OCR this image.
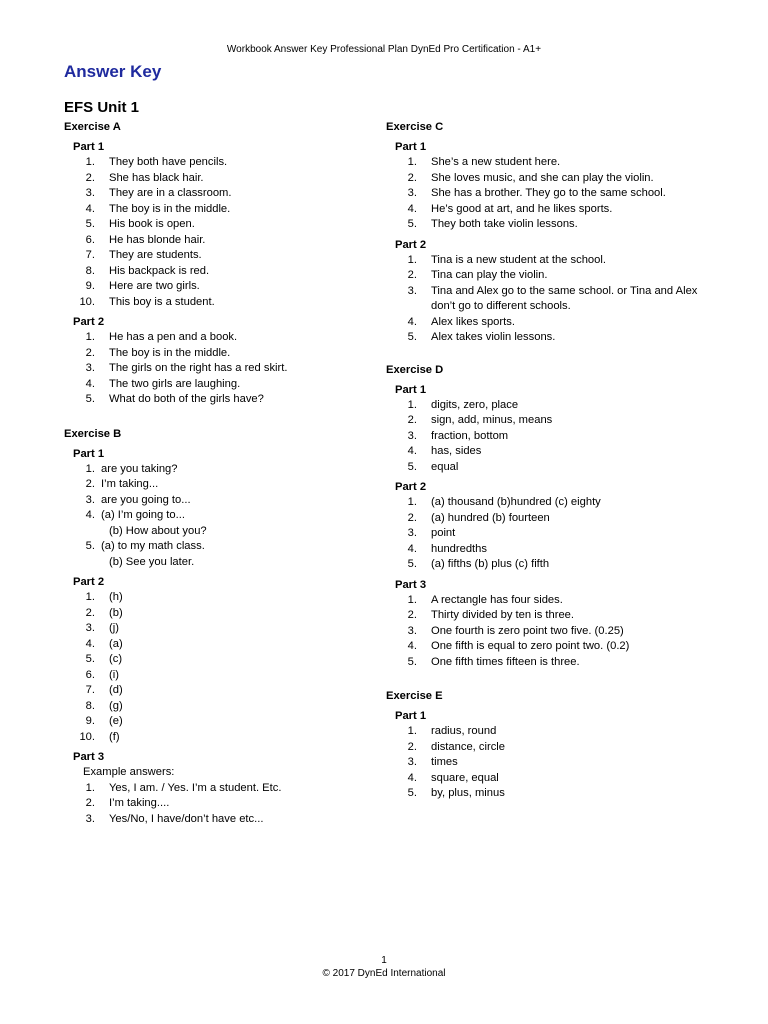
Workbook Answer Key Professional Plan DynEd Pro Certification - A1+
Answer Key
EFS Unit 1
Exercise A
Part 1
1. They both have pencils.
2. She has black hair.
3. They are in a classroom.
4. The boy is in the middle.
5. His book is open.
6. He has blonde hair.
7. They are students.
8. His backpack is red.
9. Here are two girls.
10. This boy is a student.
Part 2
1. He has a pen and a book.
2. The boy is in the middle.
3. The girls on the right has a red skirt.
4. The two girls are laughing.
5. What do both of the girls have?
Exercise B
Part 1
1. are you taking?
2. I’m taking...
3. are you going to...
4. (a) I’m going to...
(b) How about you?
5. (a) to my math class.
(b) See you later.
Part 2
1. (h)
2. (b)
3. (j)
4. (a)
5. (c)
6. (i)
7. (d)
8. (g)
9. (e)
10. (f)
Part 3
Example answers:
1. Yes, I am. / Yes. I’m a student. Etc.
2. I’m taking....
3. Yes/No, I have/don’t have etc...
Exercise C
Part 1
1. She’s a new student here.
2. She loves music, and she can play the violin.
3. She has a brother. They go to the same school.
4. He’s good at art, and he likes sports.
5. They both take violin lessons.
Part 2
1. Tina is a new student at the school.
2. Tina can play the violin.
3. Tina and Alex go to the same school. or Tina and Alex don’t go to different schools.
4. Alex likes sports.
5. Alex takes violin lessons.
Exercise D
Part 1
1. digits, zero, place
2. sign, add, minus, means
3. fraction, bottom
4. has, sides
5. equal
Part 2
1. (a) thousand (b)hundred (c) eighty
2. (a) hundred (b) fourteen
3. point
4. hundredths
5. (a) fifths (b) plus (c) fifth
Part 3
1. A rectangle has four sides.
2. Thirty divided by ten is three.
3. One fourth is zero point two five. (0.25)
4. One fifth is equal to zero point two. (0.2)
5. One fifth times fifteen is three.
Exercise E
Part 1
1. radius, round
2. distance, circle
3. times
4. square, equal
5. by, plus, minus
1
© 2017 DynEd International
